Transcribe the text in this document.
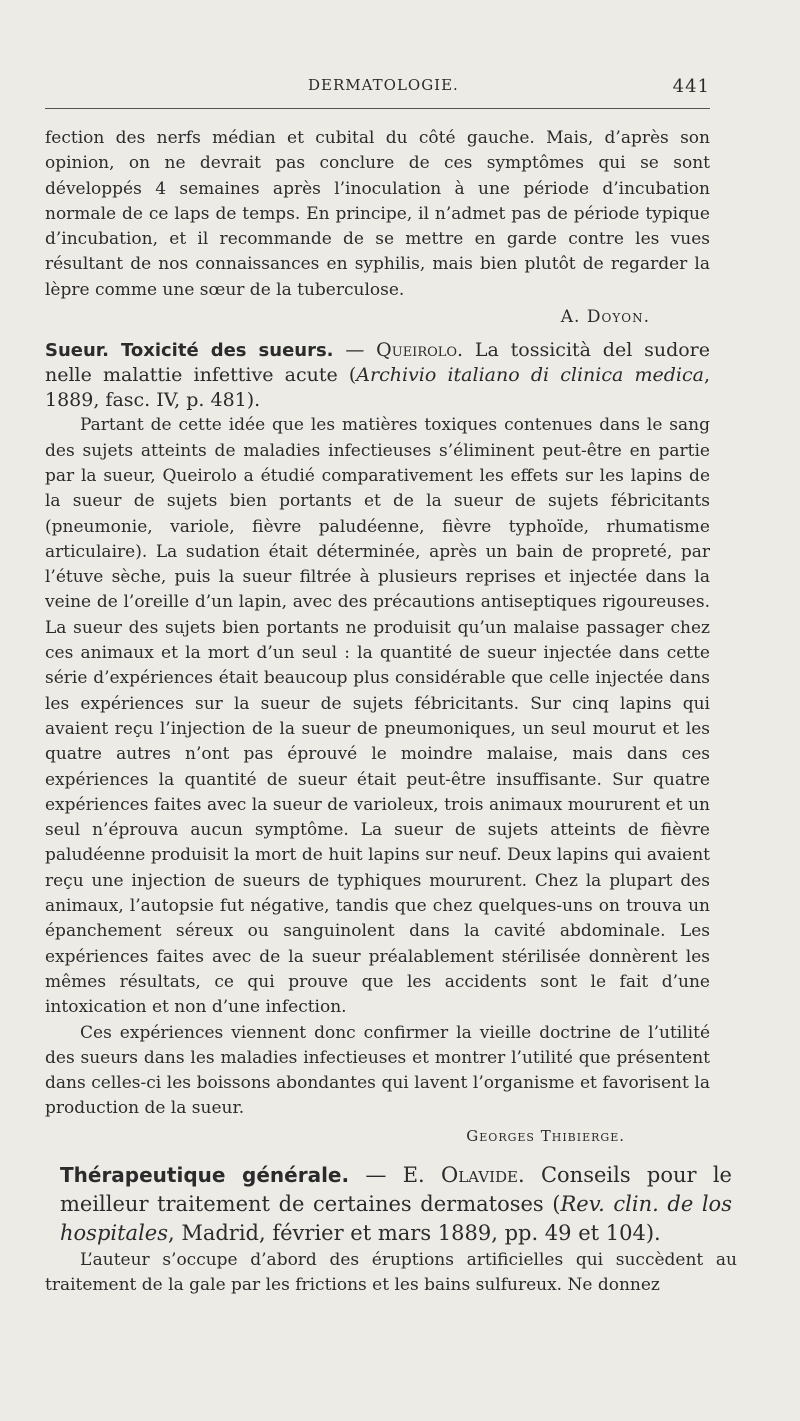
DERMATOLOGIE.	441

fection des nerfs médian et cubital du côté gauche. Mais, d’après son opinion, on ne devrait pas conclure de ces symptômes qui se sont développés 4 semaines après l’inoculation à une période d’incubation normale de ce laps de temps. En principe, il n’admet pas de période typique d’incubation, et il recommande de se mettre en garde contre les vues résultant de nos connaissances en syphilis, mais bien plutôt de regarder la lèpre comme une sœur de la tuberculose.

A. Doyon.

Sueur. Toxicité des sueurs. — Queirolo. La tossicità del sudore nelle malattie infettive acute (Archivio italiano di clinica medica, 1889, fasc. IV, p. 481).

Partant de cette idée que les matières toxiques contenues dans le sang des sujets atteints de maladies infectieuses s’éliminent peut-être en partie par la sueur, Queirolo a étudié comparativement les effets sur les lapins de la sueur de sujets bien portants et de la sueur de sujets fébricitants (pneumonie, variole, fièvre paludéenne, fièvre typhoïde, rhumatisme articulaire). La sudation était déterminée, après un bain de propreté, par l’étuve sèche, puis la sueur filtrée à plusieurs reprises et injectée dans la veine de l’oreille d’un lapin, avec des précautions antiseptiques rigoureuses. La sueur des sujets bien portants ne produisit qu’un malaise passager chez ces animaux et la mort d’un seul : la quantité de sueur injectée dans cette série d’expériences était beaucoup plus considérable que celle injectée dans les expériences sur la sueur de sujets fébricitants. Sur cinq lapins qui avaient reçu l’injection de la sueur de pneumoniques, un seul mourut et les quatre autres n’ont pas éprouvé le moindre malaise, mais dans ces expériences la quantité de sueur était peut-être insuffisante. Sur quatre expériences faites avec la sueur de varioleux, trois animaux moururent et un seul n’éprouva aucun symptôme. La sueur de sujets atteints de fièvre paludéenne produisit la mort de huit lapins sur neuf. Deux lapins qui avaient reçu une injection de sueurs de typhiques moururent. Chez la plupart des animaux, l’autopsie fut négative, tandis que chez quelques-uns on trouva un épanchement séreux ou sanguinolent dans la cavité abdominale. Les expériences faites avec de la sueur préalablement stérilisée donnèrent les mêmes résultats, ce qui prouve que les accidents sont le fait d’une intoxication et non d’une infection.

Ces expériences viennent donc confirmer la vieille doctrine de l’utilité des sueurs dans les maladies infectieuses et montrer l’utilité que présentent dans celles-ci les boissons abondantes qui lavent l’organisme et favorisent la production de la sueur.

Georges Thibierge.

Thérapeutique générale. — E. Olavide. Conseils pour le meilleur traitement de certaines dermatoses (Rev. clin. de los hospitales, Madrid, février et mars 1889, pp. 49 et 104).

L’auteur s’occupe d’abord des éruptions artificielles qui succèdent au traitement de la gale par les frictions et les bains sulfureux. Ne donnez
